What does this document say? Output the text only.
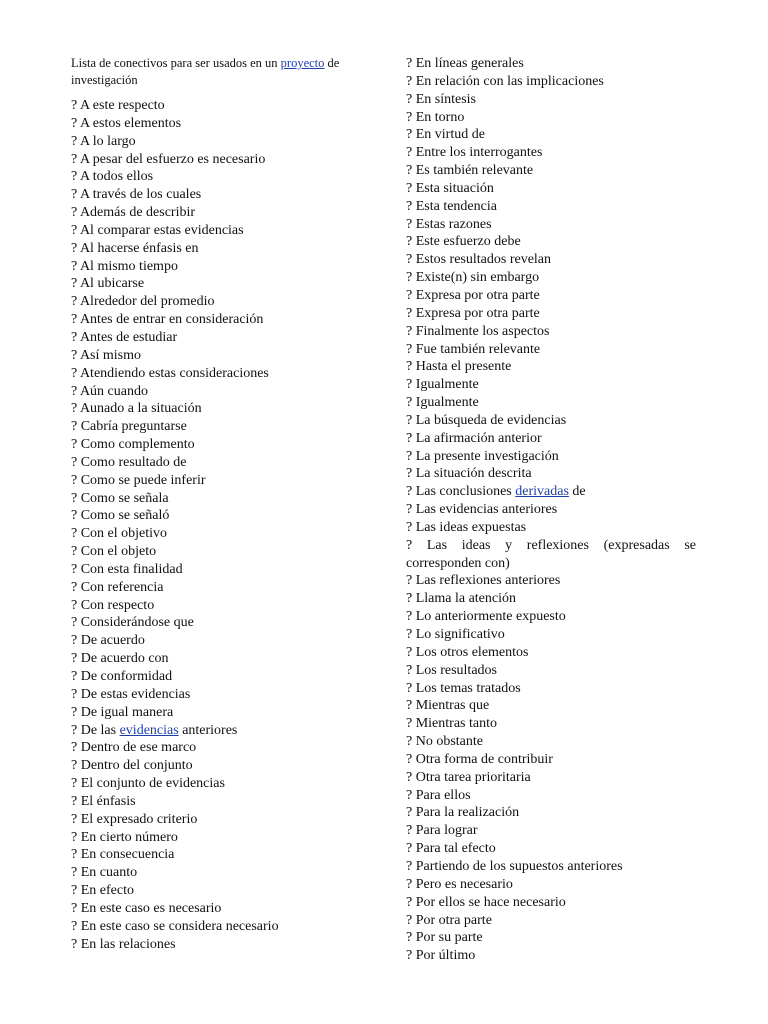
Lista de conectivos para ser usados en un proyecto de investigación
? A este respecto
? A estos elementos
? A lo largo
? A pesar del esfuerzo es necesario
? A todos ellos
? A través de los cuales
? Además de describir
? Al comparar estas evidencias
? Al hacerse énfasis en
? Al mismo tiempo
? Al ubicarse
? Alrededor del promedio
? Antes de entrar en consideración
? Antes de estudiar
? Así mismo
? Atendiendo estas consideraciones
? Aún cuando
? Aunado a la situación
? Cabría preguntarse
? Como complemento
? Como resultado de
? Como se puede inferir
? Como se señala
? Como se señaló
? Con el objetivo
? Con el objeto
? Con esta finalidad
? Con referencia
? Con respecto
? Considerándose que
? De acuerdo
? De acuerdo con
? De conformidad
? De estas evidencias
? De igual manera
? De las evidencias anteriores
? Dentro de ese marco
? Dentro del conjunto
? El conjunto de evidencias
? El énfasis
? El expresado criterio
? En cierto número
? En consecuencia
? En cuanto
? En efecto
? En este caso es necesario
? En este caso se considera necesario
? En las relaciones
? En líneas generales
? En relación con las implicaciones
? En síntesis
? En torno
? En virtud de
? Entre los interrogantes
? Es también relevante
? Esta situación
? Esta tendencia
? Estas razones
? Este esfuerzo debe
? Estos resultados revelan
? Existe(n) sin embargo
? Expresa por otra parte
? Expresa por otra parte
? Finalmente los aspectos
? Fue también relevante
? Hasta el presente
? Igualmente
? Igualmente
? La búsqueda de evidencias
? La afirmación anterior
? La presente investigación
? La situación descrita
? Las conclusiones derivadas de
? Las evidencias anteriores
? Las ideas expuestas
? Las ideas y reflexiones (expresadas se
corresponden con)
? Las reflexiones anteriores
? Llama la atención
? Lo anteriormente expuesto
? Lo significativo
? Los otros elementos
? Los resultados
? Los temas tratados
? Mientras que
? Mientras tanto
? No obstante
? Otra forma de contribuir
? Otra tarea prioritaria
? Para ellos
? Para la realización
? Para lograr
? Para tal efecto
? Partiendo de los supuestos anteriores
? Pero es necesario
? Por ellos se hace necesario
? Por otra parte
? Por su parte
? Por último
